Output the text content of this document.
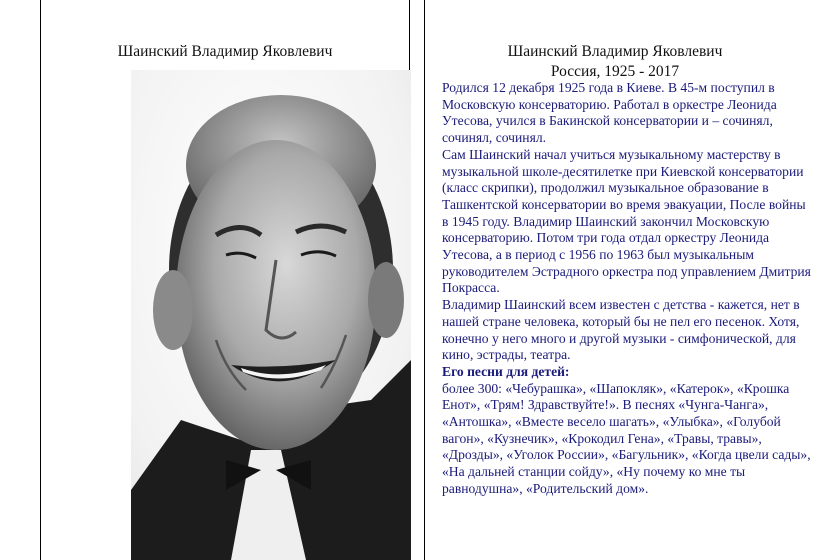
Шаинский Владимир Яковлевич	Шаинский Владимир Яковлевич
Россия, 1925 - 2017

Родился 12 декабря 1925 года в Киеве. В 45-м поступил в Московскую консерваторию. Работал в оркестре Леонида Утесова, учился в Бакинской консерватории и – сочинял, сочинял, сочинял.

Сам Шаинский начал учиться музыкальному мастерству в музыкальной школе-десятилетке при Киевской консерватории (класс скрипки), продолжил музыкальное образование в Ташкентской консерватории во время эвакуации, После войны в 1945 году. Владимир Шаинский закончил Московскую консерваторию. Потом три года отдал оркестру Леонида Утесова, а в период с 1956 по 1963 был музыкальным руководителем Эстрадного оркестра под управлением Дмитрия Покрасса.

Владимир Шаинский всем известен с детства - кажется, нет в нашей стране человека, который бы не пел его песенок. Хотя, конечно у него много и другой музыки - симфонической, для кино, эстрады, театра.

Его песни для детей:

более 300: «Чебурашка», «Шапокляк», «Катерок», «Крошка Енот», «Трям! Здравствуйте!». В песнях «Чунга-Чанга», «Антошка», «Вместе весело шагать», «Улыбка», «Голубой вагон», «Кузнечик», «Крокодил Гена», «Травы, травы», «Дрозды», «Уголок России», «Багульник», «Когда цвели сады», «На дальней станции сойду», «Ну почему ко мне ты равнодушна», «Родительский дом».
